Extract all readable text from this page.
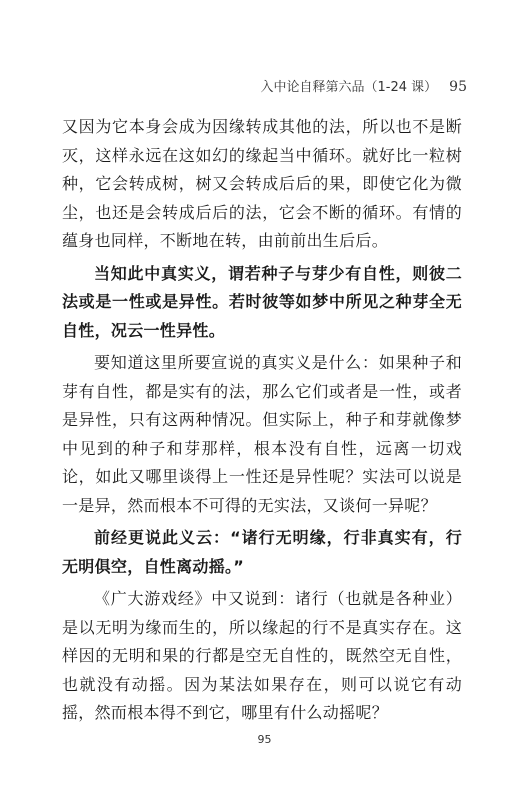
入中论自释第六品（1-24 课） 95

又因为它本身会成为因缘转成其他的法，所以也不是断灭，这样永远在这如幻的缘起当中循环。就好比一粒树种，它会转成树，树又会转成后后的果，即使它化为微尘，也还是会转成后后的法，它会不断的循环。有情的蕴身也同样，不断地在转，由前前出生后后。

当知此中真实义，谓若种子与芽少有自性，则彼二法或是一性或是异性。若时彼等如梦中所见之种芽全无自性，况云一性异性。

要知道这里所要宣说的真实义是什么：如果种子和芽有自性，都是实有的法，那么它们或者是一性，或者是异性，只有这两种情况。但实际上，种子和芽就像梦中见到的种子和芽那样，根本没有自性，远离一切戏论，如此又哪里谈得上一性还是异性呢？实法可以说是一是异，然而根本不可得的无实法，又谈何一异呢？

前经更说此义云：“诸行无明缘，行非真实有，行无明俱空，自性离动摇。”

《广大游戏经》中又说到：诸行（也就是各种业）是以无明为缘而生的，所以缘起的行不是真实存在。这样因的无明和果的行都是空无自性的，既然空无自性，也就没有动摇。因为某法如果存在，则可以说它有动摇，然而根本得不到它，哪里有什么动摇呢？

95
